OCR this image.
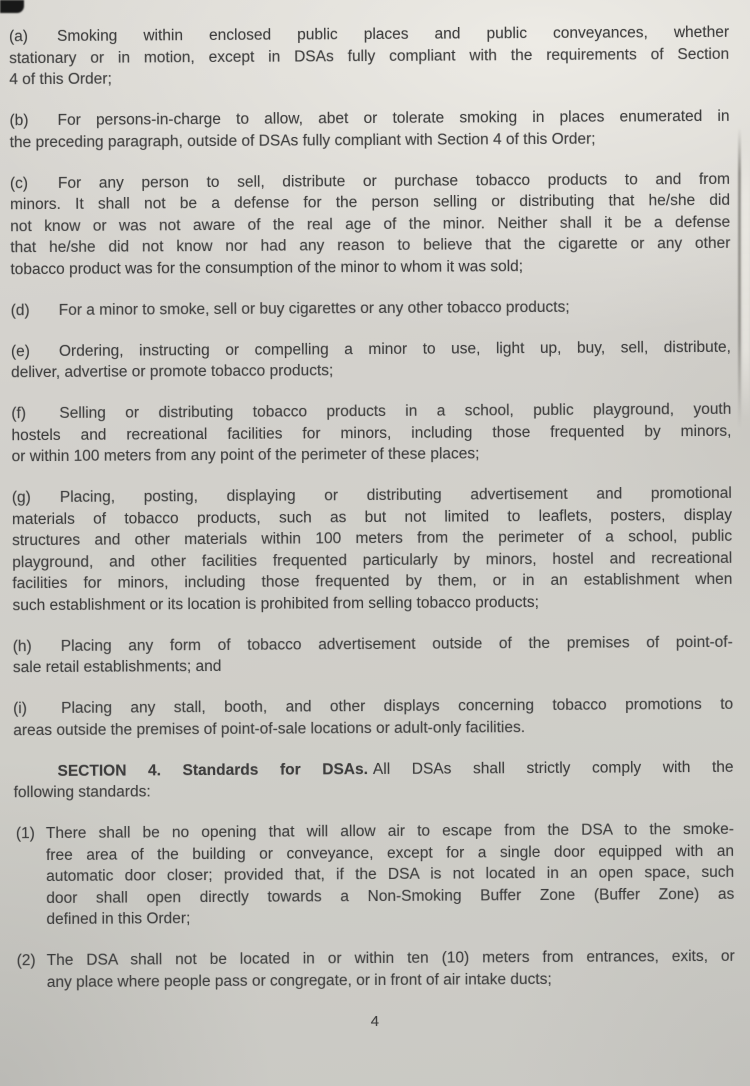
(a) Smoking within enclosed public places and public conveyances, whether
stationary or in motion, except in DSAs fully compliant with the requirements of Section
4 of this Order;
(b) For persons-in-charge to allow, abet or tolerate smoking in places enumerated in
the preceding paragraph, outside of DSAs fully compliant with Section 4 of this Order;
(c) For any person to sell, distribute or purchase tobacco products to and from
minors. It shall not be a defense for the person selling or distributing that he/she did
not know or was not aware of the real age of the minor. Neither shall it be a defense
that he/she did not know nor had any reason to believe that the cigarette or any other
tobacco product was for the consumption of the minor to whom it was sold;
(d) For a minor to smoke, sell or buy cigarettes or any other tobacco products;
(e) Ordering, instructing or compelling a minor to use, light up, buy, sell, distribute,
deliver, advertise or promote tobacco products;
(f) Selling or distributing tobacco products in a school, public playground, youth
hostels and recreational facilities for minors, including those frequented by minors,
or within 100 meters from any point of the perimeter of these places;
(g) Placing, posting, displaying or distributing advertisement and promotional
materials of tobacco products, such as but not limited to leaflets, posters, display
structures and other materials within 100 meters from the perimeter of a school, public
playground, and other facilities frequented particularly by minors, hostel and recreational
facilities for minors, including those frequented by them, or in an establishment when
such establishment or its location is prohibited from selling tobacco products;
(h) Placing any form of tobacco advertisement outside of the premises of point-of-
sale retail establishments; and
(i) Placing any stall, booth, and other displays concerning tobacco promotions to
areas outside the premises of point-of-sale locations or adult-only facilities.
SECTION 4. Standards for DSAs. All DSAs shall strictly comply with the
following standards:
(1) There shall be no opening that will allow air to escape from the DSA to the smoke-
free area of the building or conveyance, except for a single door equipped with an
automatic door closer; provided that, if the DSA is not located in an open space, such
door shall open directly towards a Non-Smoking Buffer Zone (Buffer Zone) as
defined in this Order;
(2) The DSA shall not be located in or within ten (10) meters from entrances, exits, or
any place where people pass or congregate, or in front of air intake ducts;
4
